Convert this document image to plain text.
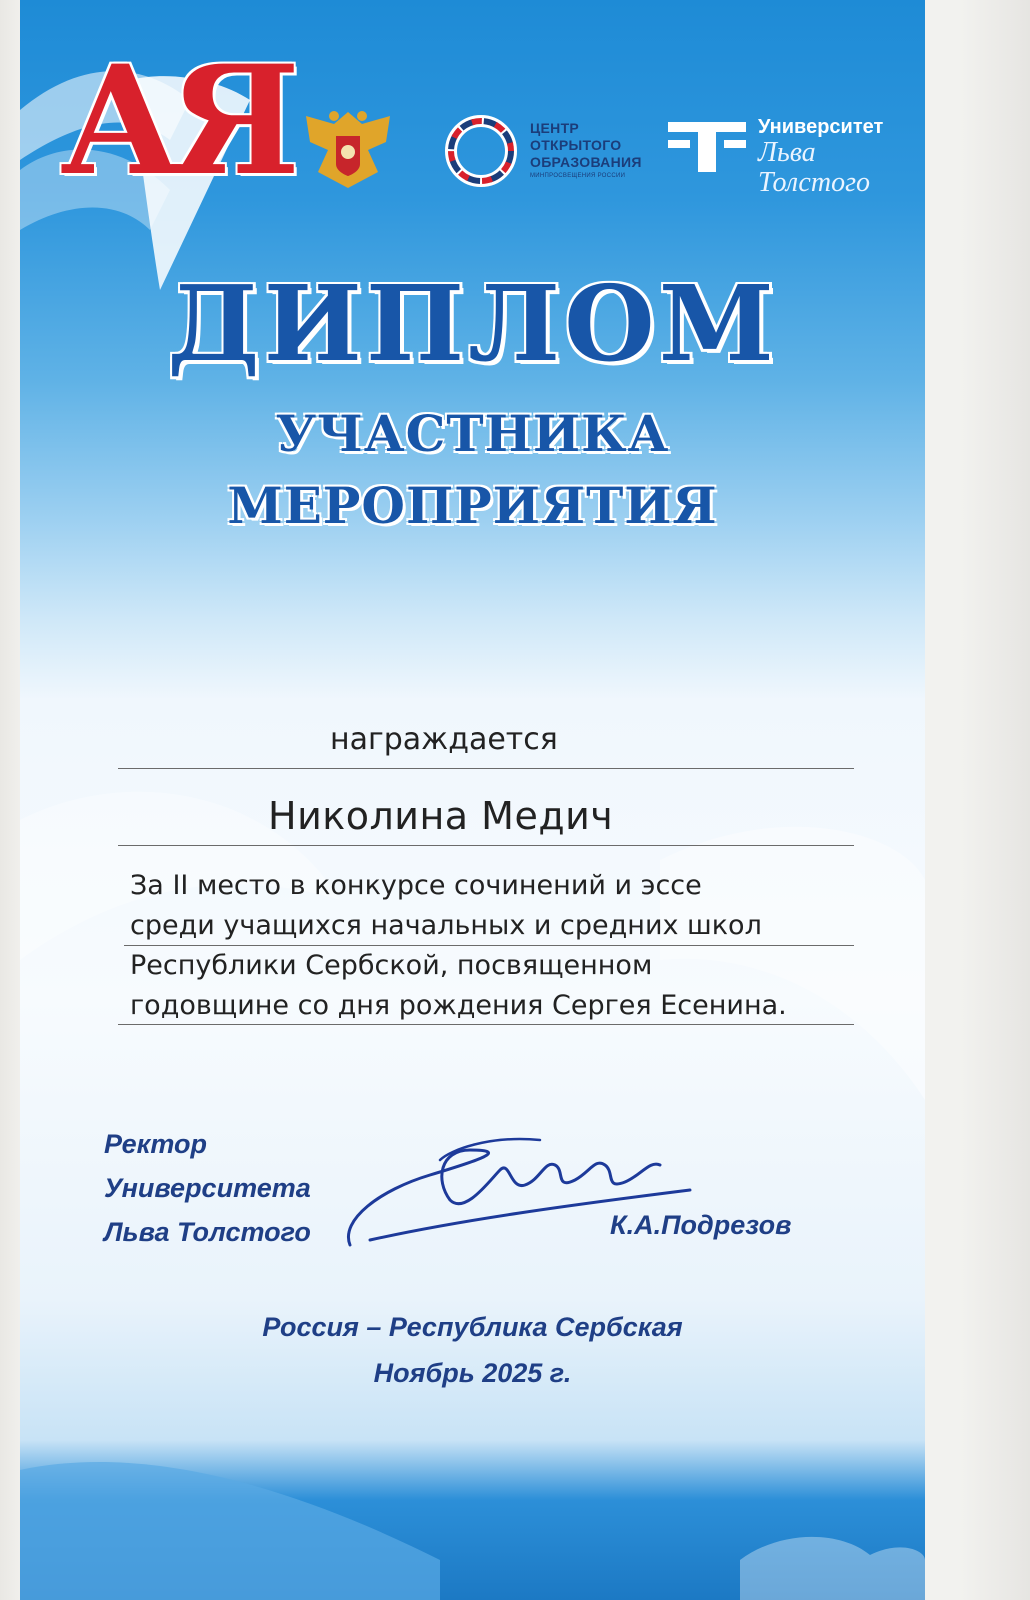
АЯ	ЦЕНТР
ОТКРЫТОГО
ОБРАЗОВАНИЯ
МИНПРОСВЕЩЕНИЯ РОССИИ
Университет
Льва Толстого
ДИПЛОМ
УЧАСТНИКА
МЕРОПРИЯТИЯ
награждается
Николина Медич
За II место в конкурсе сочинений и эссе
среди учащихся начальных и средних школ
Республики Сербской, посвященном
годовщине со дня рождения Сергея Есенина.
Ректор
Университета
Льва Толстого	К.А.Подрезов
Россия – Республика Сербская
Ноябрь 2025 г.
